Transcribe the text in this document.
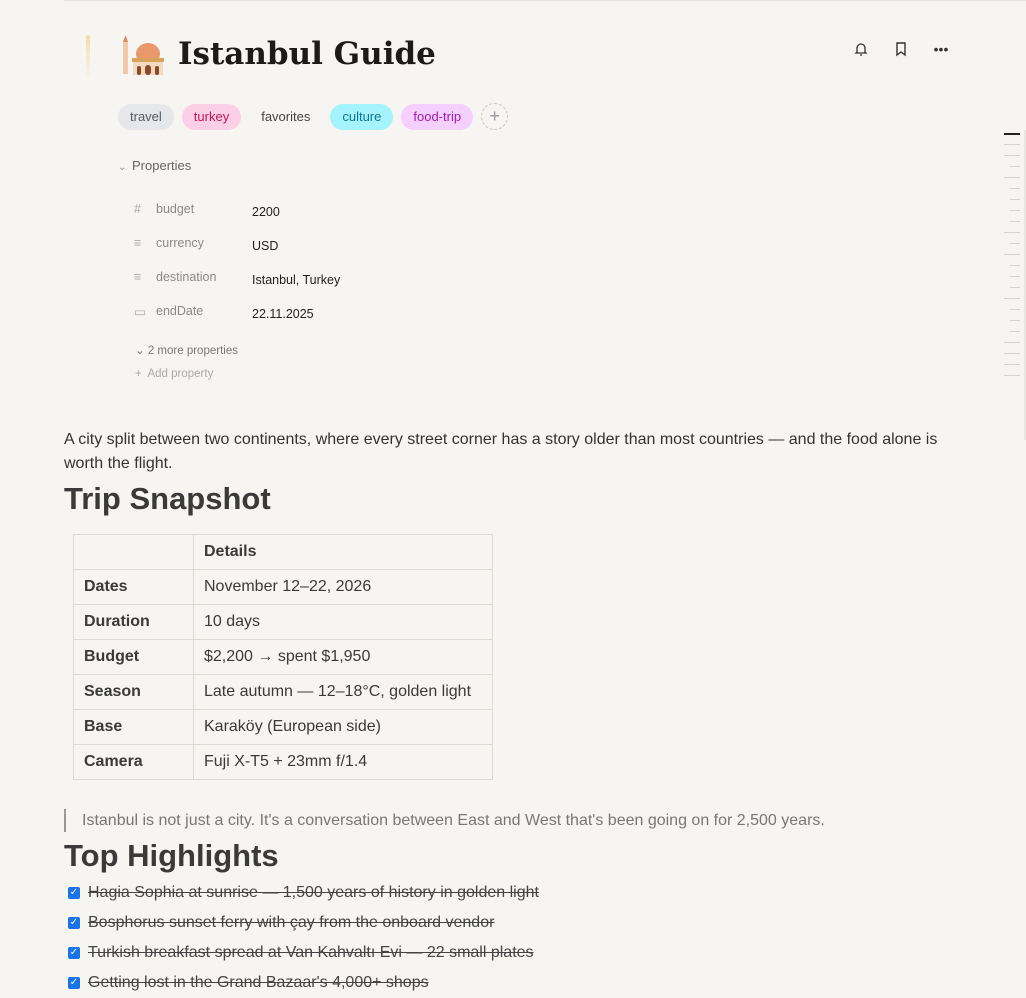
Istanbul Guide	•••
travel	turkey	favorites	culture	food-trip	+
⌄ Properties
#	budget	2200
≡	currency	USD
≡	destination	Istanbul, Turkey
▭ endDate	22.11.2025
⌄ 2 more properties
+ Add property
A city split between two continents, where every street corner has a story older than most countries — and the food alone is worth the flight.
Trip Snapshot
	Details
Dates	November 12–22, 2026
Duration	10 days
Budget	$2,200 → spent $1,950
Season	Late autumn — 12–18°C, golden light
Base	Karaköy (European side)
Camera	Fuji X-T5 + 23mm f/1.4
Istanbul is not just a city. It's a conversation between East and West that's been going on for 2,500 years.
Top Highlights
✓ Hagia Sophia at sunrise — 1,500 years of history in golden light
✓ Bosphorus sunset ferry with çay from the onboard vendor
✓ Turkish breakfast spread at Van Kahvaltı Evi — 22 small plates
✓ Getting lost in the Grand Bazaar's 4,000+ shops
